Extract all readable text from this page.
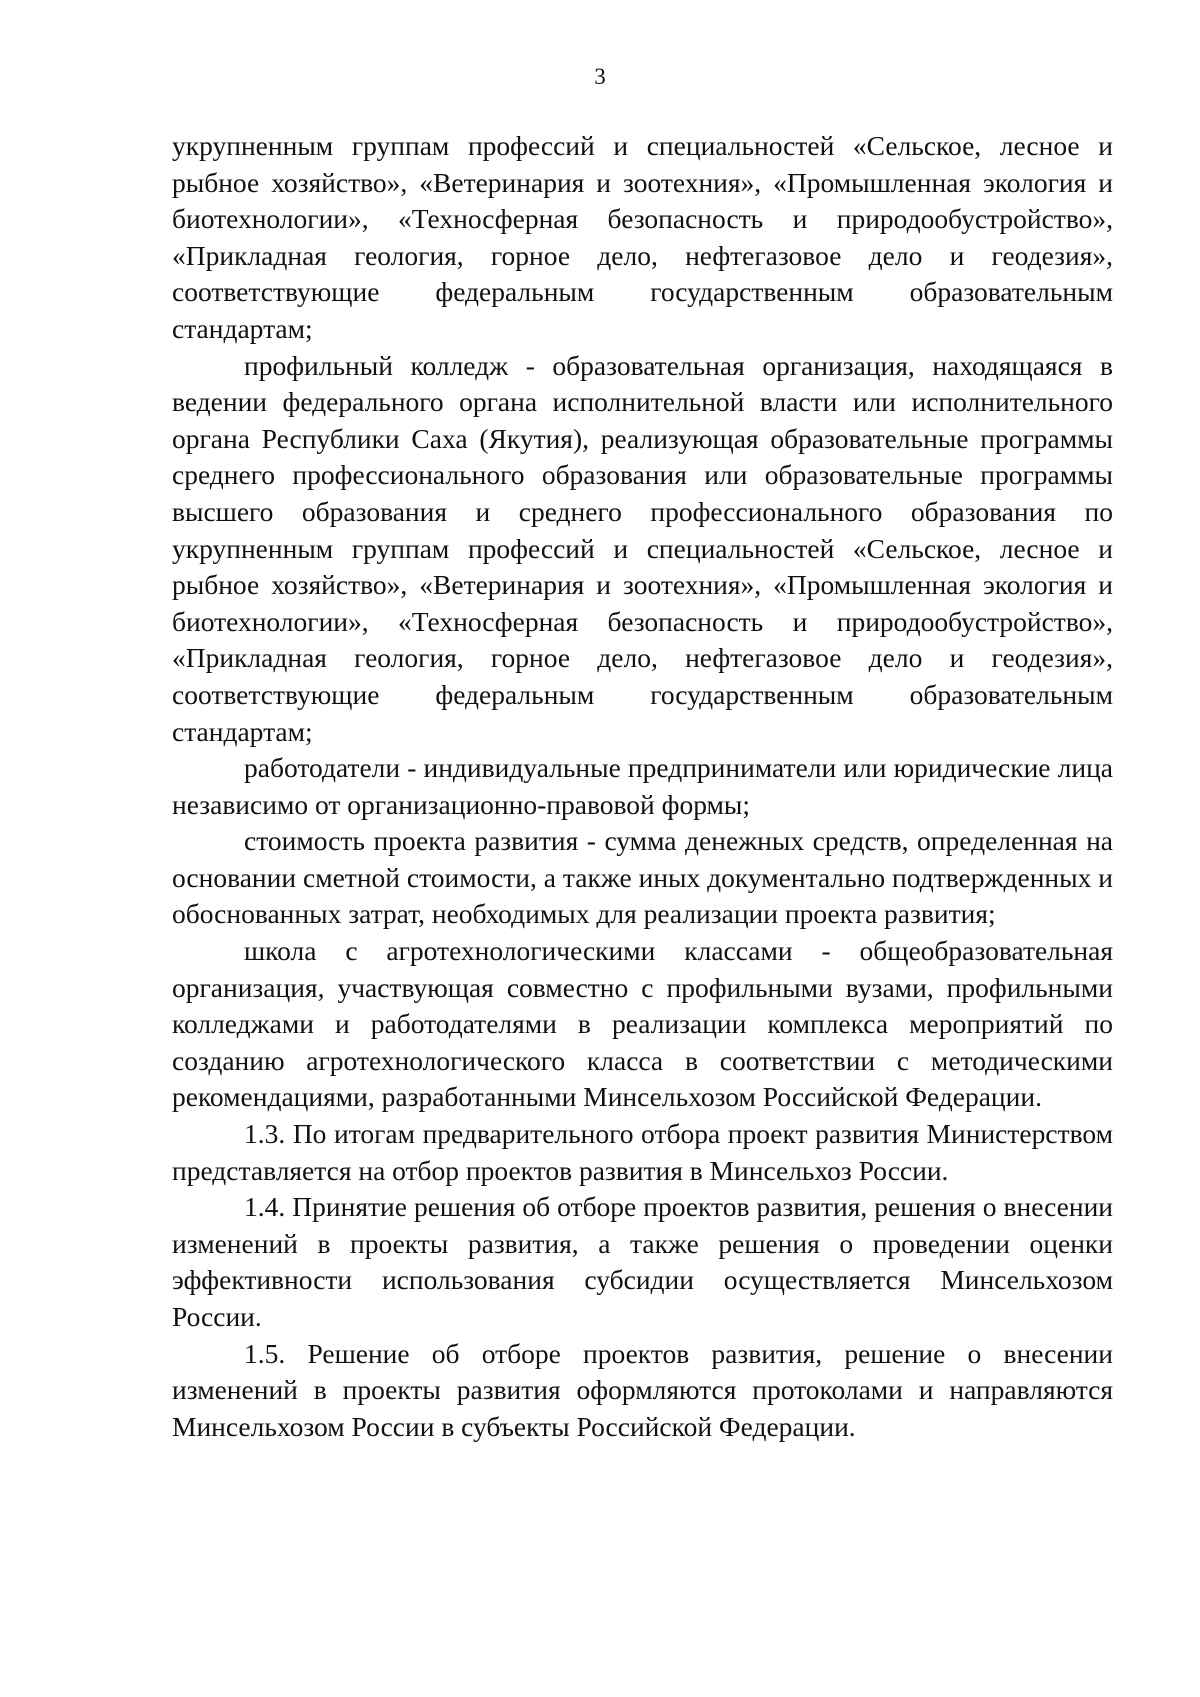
3

укрупненным группам профессий и специальностей «Сельское, лесное и рыбное хозяйство», «Ветеринария и зоотехния», «Промышленная экология и биотехнологии», «Техносферная безопасность и природообустройство», «Прикладная геология, горное дело, нефтегазовое дело и геодезия», соответствующие федеральным государственным образовательным стандартам;

профильный колледж - образовательная организация, находящаяся в ведении федерального органа исполнительной власти или исполнительного органа Республики Саха (Якутия), реализующая образовательные программы среднего профессионального образования или образовательные программы высшего образования и среднего профессионального образования по укрупненным группам профессий и специальностей «Сельское, лесное и рыбное хозяйство», «Ветеринария и зоотехния», «Промышленная экология и биотехнологии», «Техносферная безопасность и природообустройство», «Прикладная геология, горное дело, нефтегазовое дело и геодезия», соответствующие федеральным государственным образовательным стандартам;

работодатели - индивидуальные предприниматели или юридические лица независимо от организационно-правовой формы;

стоимость проекта развития - сумма денежных средств, определенная на основании сметной стоимости, а также иных документально подтвержденных и обоснованных затрат, необходимых для реализации проекта развития;

школа с агротехнологическими классами - общеобразовательная организация, участвующая совместно с профильными вузами, профильными колледжами и работодателями в реализации комплекса мероприятий по созданию агротехнологического класса в соответствии с методическими рекомендациями, разработанными Минсельхозом Российской Федерации.

1.3. По итогам предварительного отбора проект развития Министерством представляется на отбор проектов развития в Минсельхоз России.

1.4. Принятие решения об отборе проектов развития, решения о внесении изменений в проекты развития, а также решения о проведении оценки эффективности использования субсидии осуществляется Минсельхозом России.

1.5. Решение об отборе проектов развития, решение о внесении изменений в проекты развития оформляются протоколами и направляются Минсельхозом России в субъекты Российской Федерации.
